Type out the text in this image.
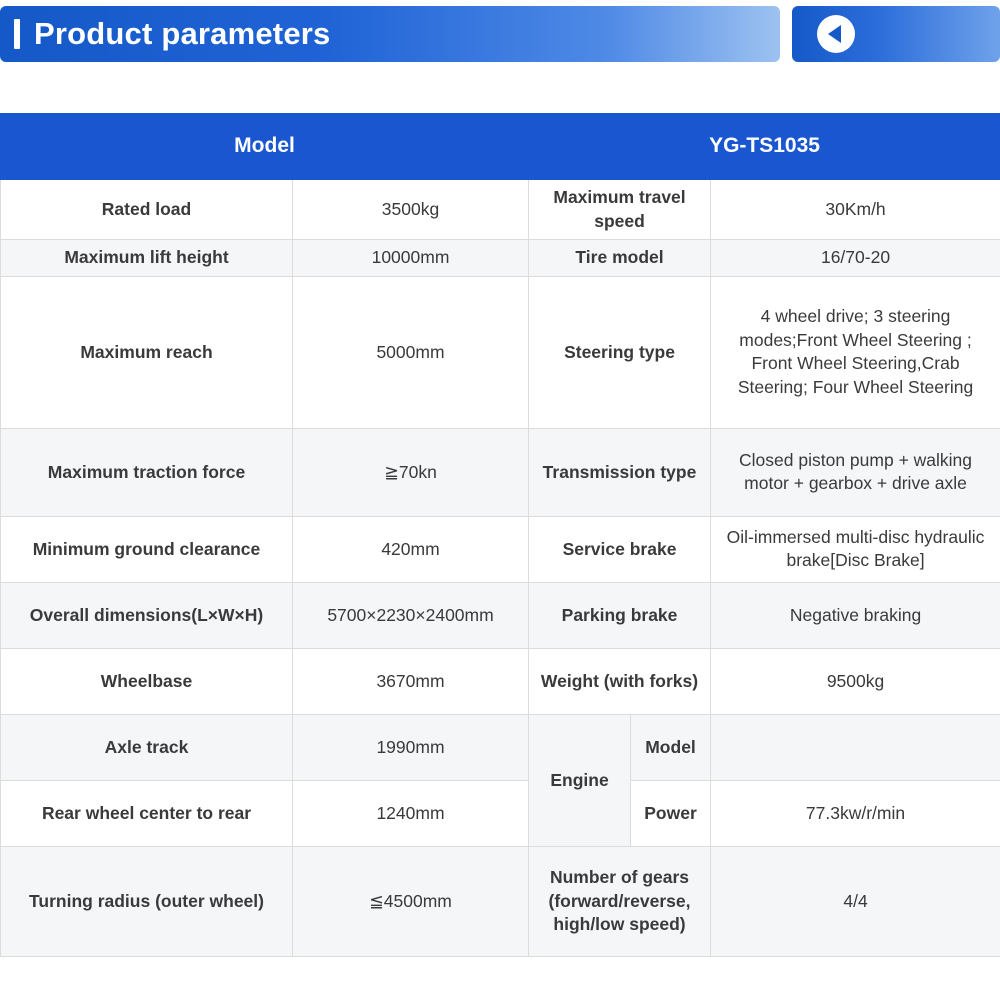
Product parameters
Model		YG-TS1035		
Rated load	3500kg	Maximum travel speed		30Km/h
Maximum lift height	10000mm	Tire model		16/70-20
Maximum reach	5000mm	Steering type		4 wheel drive; 3 steering modes;Front Wheel Steering ; Front Wheel Steering,Crab Steering; Four Wheel Steering
Maximum traction force	≧70kn	Transmission type		Closed piston pump + walking motor + gearbox + drive axle
Minimum ground clearance	420mm	Service brake		Oil-immersed multi-disc hydraulic brake[Disc Brake]
Overall dimensions(L×W×H)	5700×2230×2400mm	Parking brake		Negative braking
Wheelbase	3670mm	Weight (with forks)		9500kg
Axle track	1990mm	Engine	Model	
Rear wheel center to rear	1240mm		Power	77.3kw/r/min
Turning radius (outer wheel)	≦4500mm	Number of gears (forward/reverse, high/low speed)		4/4
